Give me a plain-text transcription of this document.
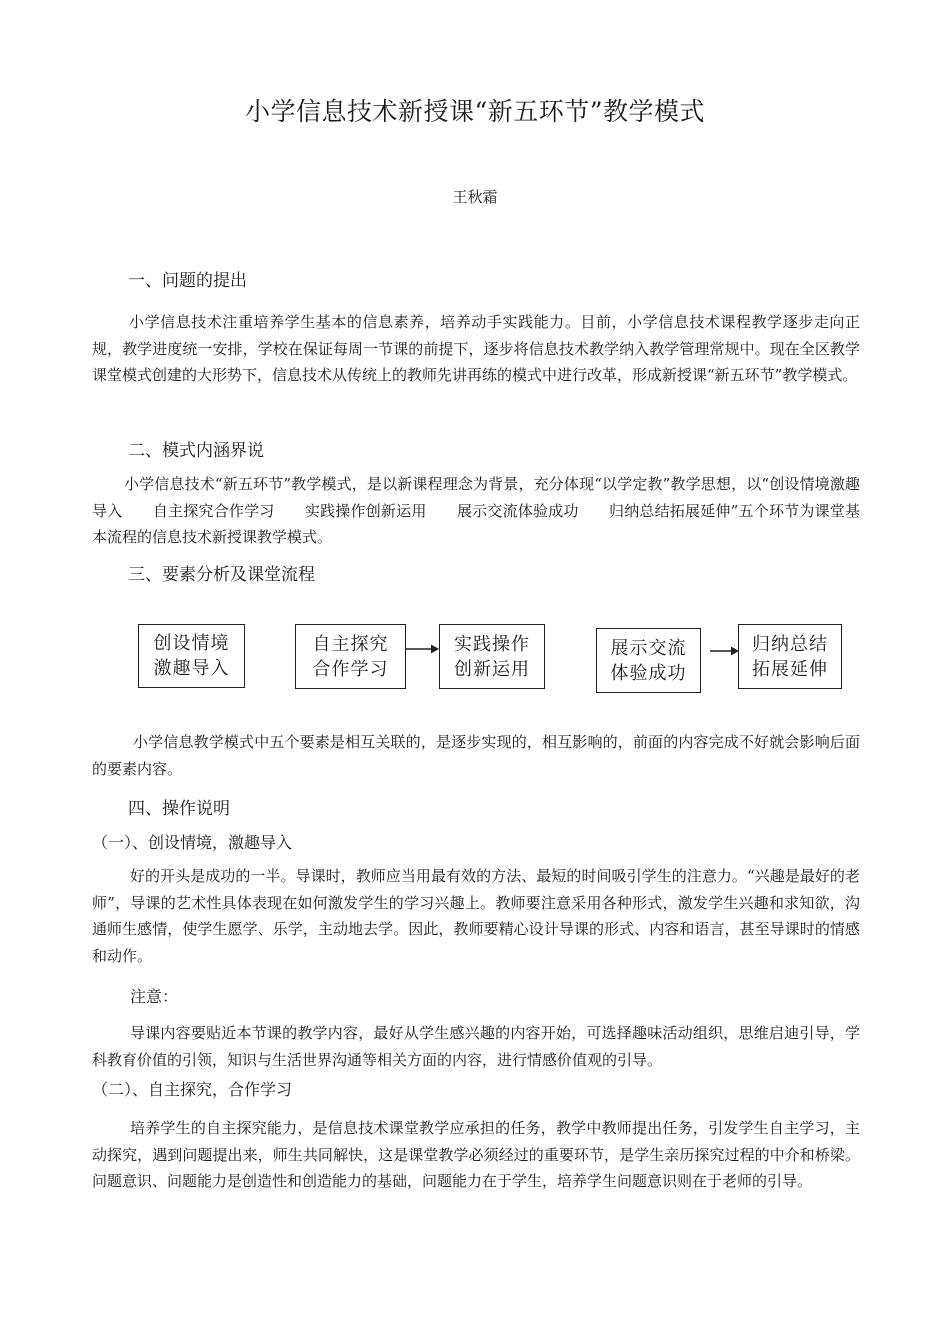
小学信息技术新授课“新五环节”教学模式
王秋霜
一、问题的提出
小学信息技术注重培养学生基本的信息素养，培养动手实践能力。目前，小学信息技术课程教学逐步走向正规，教学进度统一安排，学校在保证每周一节课的前提下，逐步将信息技术教学纳入教学管理常规中。现在全区教学课堂模式创建的大形势下，信息技术从传统上的教师先讲再练的模式中进行改革，形成新授课“新五环节”教学模式。
二、模式内涵界说
小学信息技术“新五环节”教学模式，是以新课程理念为背景，充分体现“以学定教”教学思想，以“创设情境激趣导入　　自主探究合作学习　　实践操作创新运用　　展示交流体验成功　　归纳总结拓展延伸”五个环节为课堂基本流程的信息技术新授课教学模式。
三、要素分析及课堂流程
创设情境
激趣导入
自主探究
合作学习
实践操作
创新运用
展示交流
体验成功
归纳总结
拓展延伸
小学信息教学模式中五个要素是相互关联的，是逐步实现的，相互影响的，前面的内容完成不好就会影响后面的要素内容。
四、操作说明
（一）、创设情境，激趣导入
好的开头是成功的一半。导课时，教师应当用最有效的方法、最短的时间吸引学生的注意力。“兴趣是最好的老师”，导课的艺术性具体表现在如何激发学生的学习兴趣上。教师要注意采用各种形式，激发学生兴趣和求知欲，沟通师生感情，使学生愿学、乐学，主动地去学。因此，教师要精心设计导课的形式、内容和语言，甚至导课时的情感和动作。
注意：
导课内容要贴近本节课的教学内容，最好从学生感兴趣的内容开始，可选择趣味活动组织，思维启迪引导，学科教育价值的引领，知识与生活世界沟通等相关方面的内容，进行情感价值观的引导。
（二）、自主探究，合作学习
培养学生的自主探究能力，是信息技术课堂教学应承担的任务，教学中教师提出任务，引发学生自主学习，主动探究，遇到问题提出来，师生共同解快，这是课堂教学必须经过的重要环节，是学生亲历探究过程的中介和桥梁。问题意识、问题能力是创造性和创造能力的基础，问题能力在于学生，培养学生问题意识则在于老师的引导。
